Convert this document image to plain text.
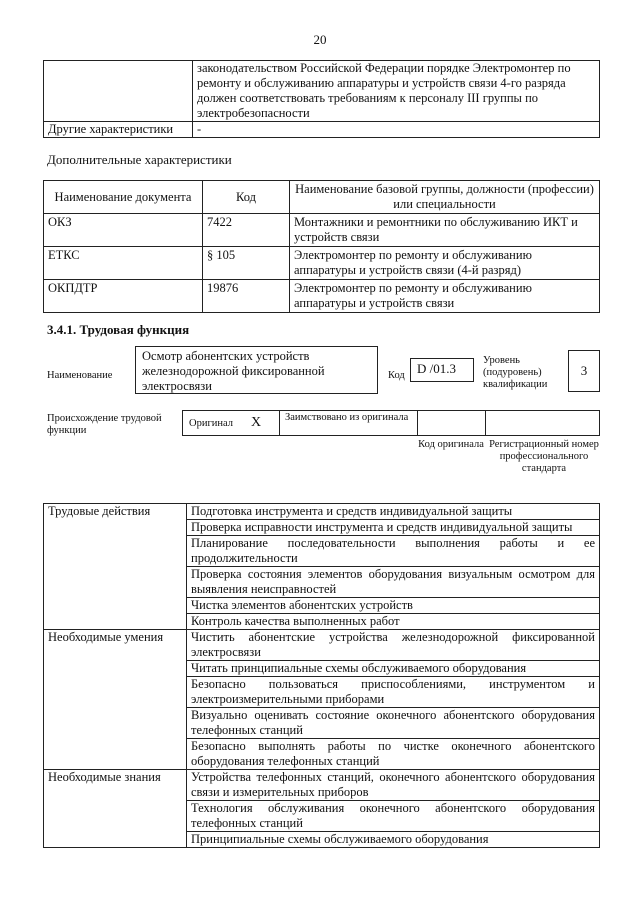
20
	законодательством Российской Федерации порядке Электромонтер по ремонту и обслуживанию аппаратуры и устройств связи 4-го разряда должен соответствовать требованиям к персоналу III группы по электробезопасности
Другие характеристики	-
Дополнительные характеристики
Наименование документа	Код	Наименование базовой группы, должности (профессии) или специальности
ОКЗ	7422	Монтажники и ремонтники по обслуживанию ИКТ и устройств связи
ЕТКС	§ 105	Электромонтер по ремонту и обслуживанию аппаратуры и устройств связи (4-й разряд)
ОКПДТР	19876	Электромонтер по ремонту и обслуживанию аппаратуры и устройств связи
3.4.1. Трудовая функция
Наименование
Осмотр абонентских устройств железнодорожной фиксированной электросвязи
Код D /01.3
Уровень (подуровень) квалификации
3
Происхождение трудовой функции
Оригинал X Заимствовано из оригинала
Код оригинала Регистрационный номер профессионального стандарта
Трудовые действия	Подготовка инструмента и средств индивидуальной защиты
	Проверка исправности инструмента и средств индивидуальной защиты
	Планирование последовательности выполнения работы и ее продолжительности
	Проверка состояния элементов оборудования визуальным осмотром для выявления неисправностей
	Чистка элементов абонентских устройств
	Контроль качества выполненных работ
Необходимые умения	Чистить абонентские устройства железнодорожной фиксированной электросвязи
	Читать принципиальные схемы обслуживаемого оборудования
	Безопасно пользоваться приспособлениями, инструментом и электроизмерительными приборами
	Визуально оценивать состояние оконечного абонентского оборудования телефонных станций
	Безопасно выполнять работы по чистке оконечного абонентского оборудования телефонных станций
Необходимые знания	Устройства телефонных станций, оконечного абонентского оборудования связи и измерительных приборов
	Технология обслуживания оконечного абонентского оборудования телефонных станций
	Принципиальные схемы обслуживаемого оборудования
